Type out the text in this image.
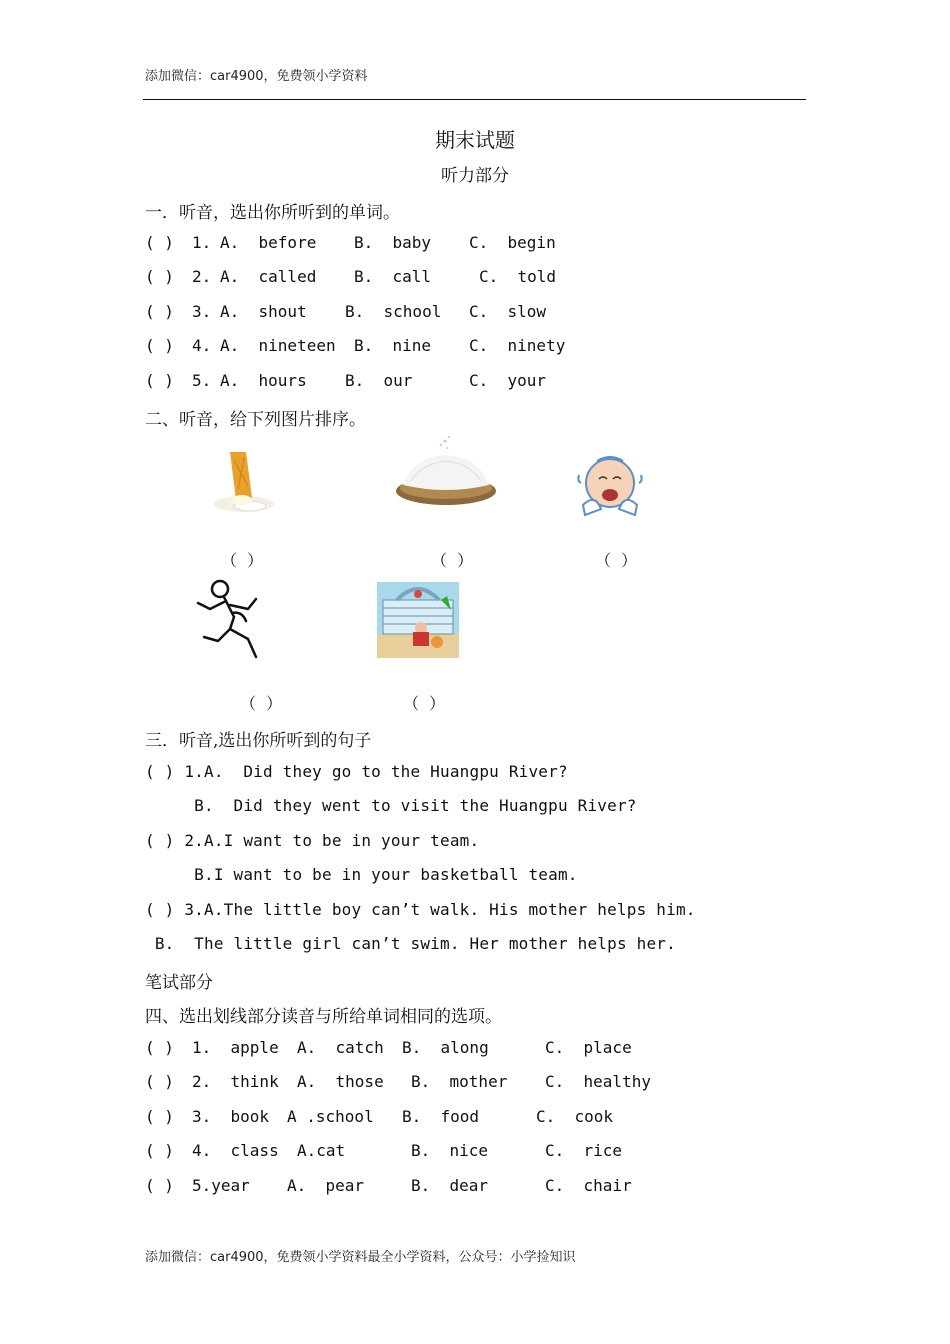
添加微信：car4900，免费领小学资料
期末试题
听力部分
一．听音，选出你所听到的单词。
( ) 1. A.  before B.  baby C.  begin
( ) 2. A.  called B.  call	C.  told
( ) 3. A.  shout B.  school C.  slow
( ) 4. A.  nineteen B.  nine C.  ninety
( ) 5. A.  hours B.  our	C.  your
二、听音，给下列图片排序。
（  ）	（  ）	（  ）
（  ）	（  ）
三．听音,选出你所听到的句子
( ) 1.A.  Did they go to the Huangpu River?
B.  Did they went to visit the Huangpu River?
( ) 2.A.I want to be in your team.
B.I want to be in your basketball team.
( ) 3.A.The little boy can’t walk. His mother helps him.
B.  The little girl can’t swim. Her mother helps her.
笔试部分
四、选出划线部分读音与所给单词相同的选项。
( ) 1.  apple A.  catch B.  along	C.  place
( ) 2.  think A.  those B.  mother C.  healthy
( ) 3.  book A .school B.  food	C.  cook
( ) 4.  class A.cat	B.  nice	C.  rice
( ) 5.year A.  pear	B.  dear	C.  chair
添加微信：car4900，免费领小学资料最全小学资料，公众号：小学捡知识
